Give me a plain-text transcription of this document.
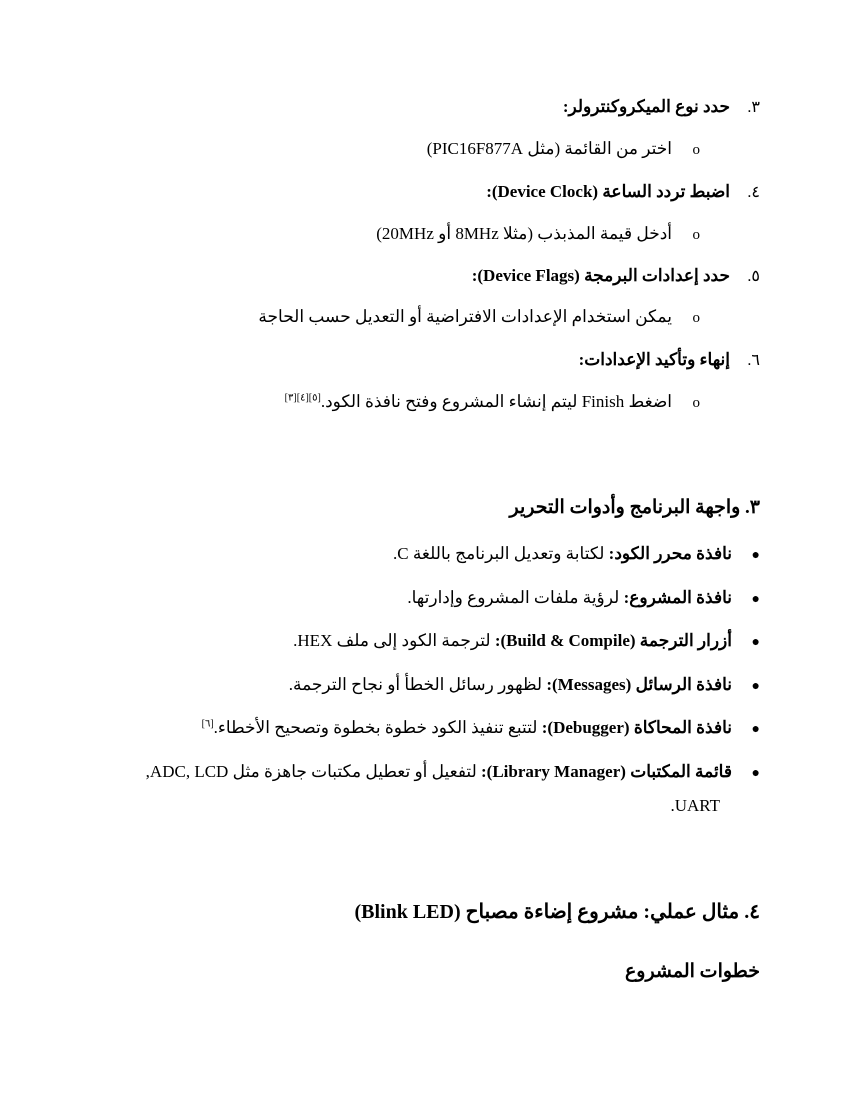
٣.حدد نوع الميكروكنترولر:
oاختر من القائمة (مثل PIC16F877A)
٤.اضبط تردد الساعة (Device Clock):
oأدخل قيمة المذبذب (مثلا 8MHz أو 20MHz)
٥.حدد إعدادات البرمجة (Device Flags):
oيمكن استخدام الإعدادات الافتراضية أو التعديل حسب الحاجة
٦.إنهاء وتأكيد الإعدادات:
oاضغط Finish ليتم إنشاء المشروع وفتح نافذة الكود.[٥][٤][٣]
٣. واجهة البرنامج وأدوات التحرير
●نافذة محرر الكود: لكتابة وتعديل البرنامج باللغة C.
●نافذة المشروع: لرؤية ملفات المشروع وإدارتها.
●أزرار الترجمة (Build & Compile): لترجمة الكود إلى ملف HEX.
●نافذة الرسائل (Messages): لظهور رسائل الخطأ أو نجاح الترجمة.
●نافذة المحاكاة (Debugger): لتتبع تنفيذ الكود خطوة بخطوة وتصحيح الأخطاء.[٦]
●قائمة المكتبات (Library Manager): لتفعيل أو تعطيل مكتبات جاهزة مثل ADC, LCD,
UART.
٤. مثال عملي: مشروع إضاءة مصباح (Blink LED)
خطوات المشروع
